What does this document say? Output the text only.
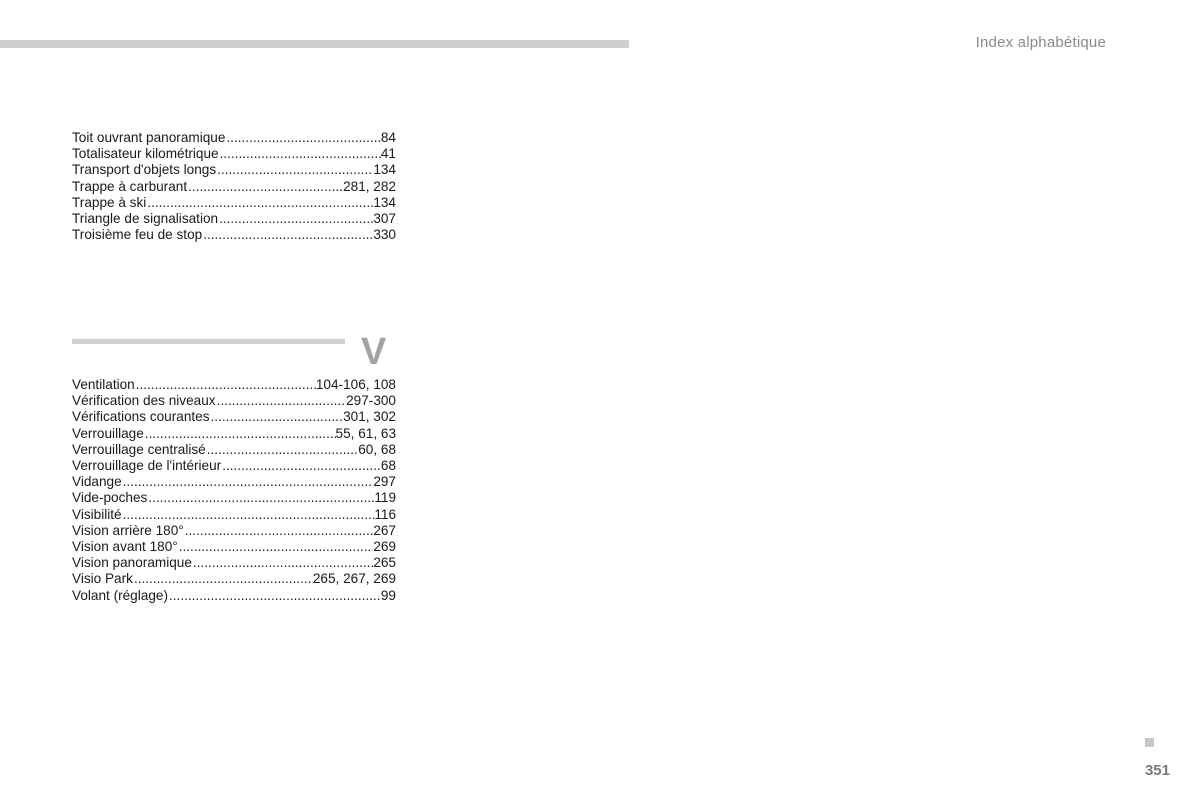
Index alphabétique
Toit ouvrant panoramique .....	84
Totalisateur kilométrique .....	41
Transport d'objets longs .....	134
Trappe à carburant .....	281, 282
Trappe à ski .....	134
Triangle de signalisation .....	307
Troisième feu de stop .....	330
V
Ventilation .....	104-106, 108
Vérification des niveaux .....	297-300
Vérifications courantes .....	301, 302
Verrouillage .....	55, 61, 63
Verrouillage centralisé .....	60, 68
Verrouillage de l'intérieur .....	68
Vidange .....	297
Vide-poches .....	119
Visibilité .....	116
Vision arrière 180° .....	267
Vision avant 180° .....	269
Vision panoramique .....	265
Visio Park .....	265, 267, 269
Volant (réglage) .....	99
351
